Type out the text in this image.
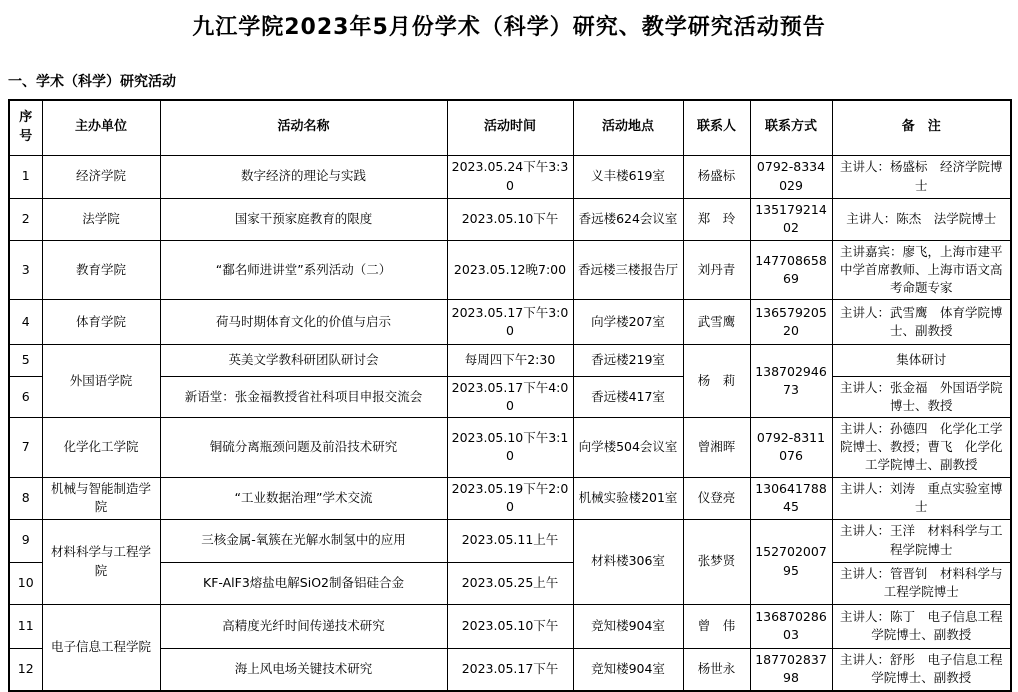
九江学院2023年5月份学术（科学）研究、教学研究活动预告
一、学术（科学）研究活动
序号	主办单位	活动名称	活动时间	活动地点	联系人	联系方式	备　注
1	经济学院	数字经济的理论与实践	2023.05.24下午3:30	义丰楼619室	杨盛标	0792-8334029	主讲人：杨盛标　经济学院博士
2	法学院	国家干预家庭教育的限度	2023.05.10下午	香远楼624会议室	郑　玲	13517921402	主讲人：陈杰　法学院博士
3	教育学院	“鄱名师进讲堂”系列活动（二）	2023.05.12晚7:00	香远楼三楼报告厅	刘丹青	14770865869	主讲嘉宾：廖飞，上海市建平中学首席教师、上海市语文高考命题专家
4	体育学院	荷马时期体育文化的价值与启示	2023.05.17下午3:00	向学楼207室	武雪鹰	13657920520	主讲人：武雪鹰　体育学院博士、副教授
5	外国语学院	英美文学教科研团队研讨会	每周四下午2:30	香远楼219室	杨　莉	13870294673	集体研讨
6		新语堂：张金福教授省社科项目申报交流会	2023.05.17下午4:00	香远楼417室			主讲人：张金福　外国语学院博士、教授
7	化学化工学院	铜硫分离瓶颈问题及前沿技术研究	2023.05.10下午3:10	向学楼504会议室	曾湘晖	0792-8311076	主讲人：孙德四　化学化工学院博士、教授；曹飞　化学化工学院博士、副教授
8	机械与智能制造学院	“工业数据治理”学术交流	2023.05.19下午2:00	机械实验楼201室	仪登亮	13064178845	主讲人：刘涛　重点实验室博士
9	材料科学与工程学院	三核金属-氧簇在光解水制氢中的应用	2023.05.11上午	材料楼306室	张梦贤	15270200795	主讲人：王洋　材料科学与工程学院博士
10		KF-AlF3熔盐电解SiO2制备铝硅合金	2023.05.25上午				主讲人：管晋钊　材料科学与工程学院博士
11	电子信息工程学院	高精度光纤时间传递技术研究	2023.05.10下午	竞知楼904室	曾　伟	13687028603	主讲人：陈丁　电子信息工程学院博士、副教授
12		海上风电场关键技术研究	2023.05.17下午	竞知楼904室	杨世永	18770283798	主讲人：舒彤　电子信息工程学院博士、副教授
